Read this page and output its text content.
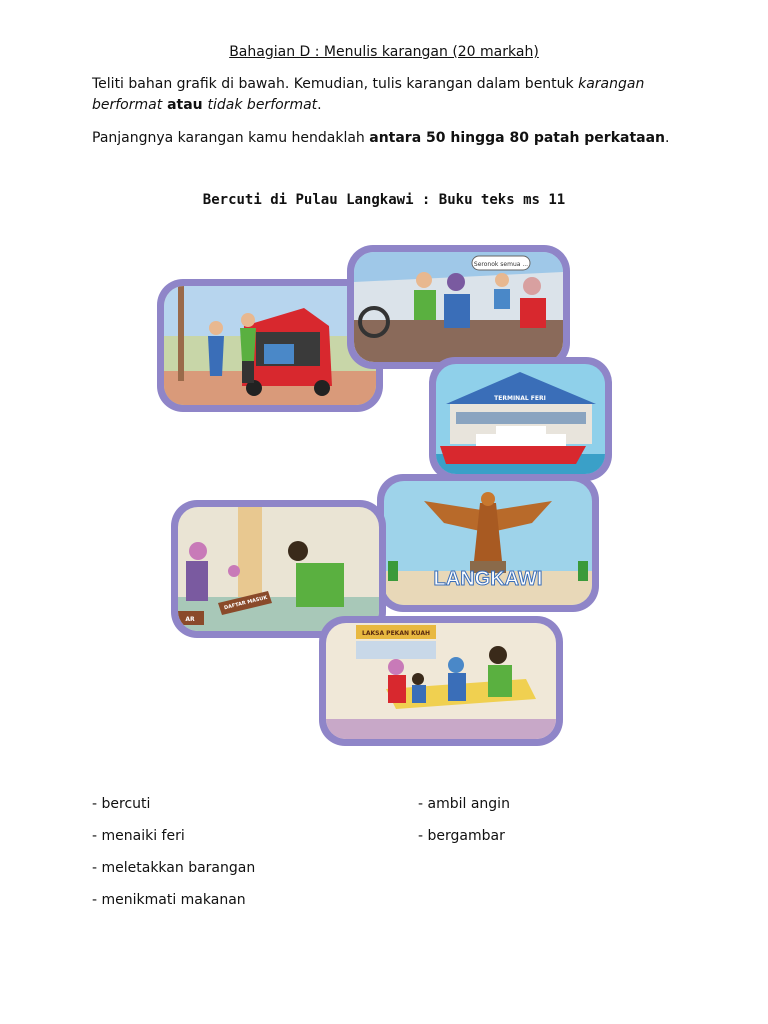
Bahagian D : Menulis karangan (20 markah)
Teliti bahan grafik di bawah. Kemudian, tulis karangan dalam bentuk karangan berformat atau tidak berformat.
Panjangnya karangan kamu hendaklah antara 50 hingga 80 patah perkataan.
Bercuti di Pulau Langkawi : Buku teks ms 11
Seronok semua ...
TERMINAL FERI
LANGKAWI
DAFTAR MASUK
AR
LAKSA PEKAN KUAH
- bercuti
- menaiki feri
- meletakkan barangan
- menikmati makanan
- ambil angin
- bergambar
